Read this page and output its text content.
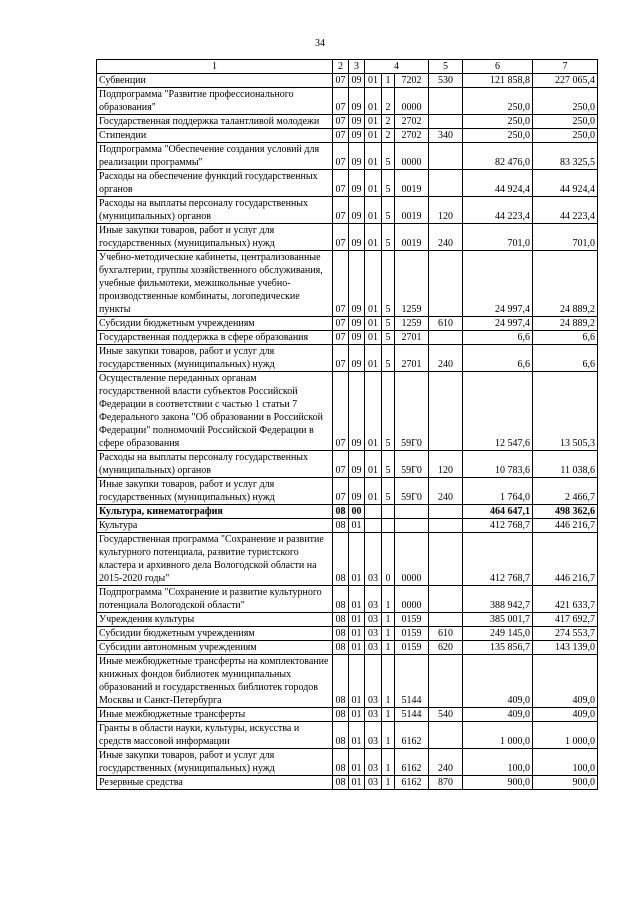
34
1	2	3	4			5	6	7
Субвенции	07	09	01	1	7202	530	121 858,8	227 065,4
Подпрограмма "Развитие профессионального образования"	07	09	01	2	0000		250,0	250,0
Государственная поддержка талантливой молодежи	07	09	01	2	2702		250,0	250,0
Стипендии	07	09	01	2	2702	340	250,0	250,0
Подпрограмма "Обеспечение создания условий для реализации программы"	07	09	01	5	0000		82 476,0	83 325,5
Расходы на обеспечение функций государственных органов	07	09	01	5	0019		44 924,4	44 924,4
Расходы на выплаты персоналу государственных (муниципальных) органов	07	09	01	5	0019	120	44 223,4	44 223,4
Иные закупки товаров, работ и услуг для государственных (муниципальных) нужд	07	09	01	5	0019	240	701,0	701,0
Учебно-методические кабинеты, централизованные бухгалтерии, группы хозяйственного обслуживания, учебные фильмотеки, межшкольные учебно-производственные комбинаты, логопедические пункты	07	09	01	5	1259		24 997,4	24 889,2
Субсидии бюджетным учреждениям	07	09	01	5	1259	610	24 997,4	24 889,2
Государственная поддержка в сфере образования	07	09	01	5	2701		6,6	6,6
Иные закупки товаров, работ и услуг для государственных (муниципальных) нужд	07	09	01	5	2701	240	6,6	6,6
Осуществление переданных органам государственной власти субъектов Российской Федерации в соответствии с частью 1 статьи 7 Федерального закона "Об образовании в Российской Федерации" полномочий Российской Федерации в сфере образования	07	09	01	5	59Г0		12 547,6	13 505,3
Расходы на выплаты персоналу государственных (муниципальных) органов	07	09	01	5	59Г0	120	10 783,6	11 038,6
Иные закупки товаров, работ и услуг для государственных (муниципальных) нужд	07	09	01	5	59Г0	240	1 764,0	2 466,7
Культура, кинематография	08	00					464 647,1	498 362,6
Культура	08	01					412 768,7	446 216,7
Государственная программа "Сохранение и развитие культурного потенциала, развитие туристского кластера и архивного дела Вологодской области на 2015-2020 годы"	08	01	03	0	0000		412 768,7	446 216,7
Подпрограмма "Сохранение и развитие культурного потенциала Вологодской области"	08	01	03	1	0000		388 942,7	421 633,7
Учреждения культуры	08	01	03	1	0159		385 001,7	417 692,7
Субсидии бюджетным учреждениям	08	01	03	1	0159	610	249 145,0	274 553,7
Субсидии автономным учреждениям	08	01	03	1	0159	620	135 856,7	143 139,0
Иные межбюджетные трансферты на комплектование книжных фондов библиотек муниципальных образований и государственных библиотек городов Москвы и Санкт-Петербурга	08	01	03	1	5144		409,0	409,0
Иные межбюджетные трансферты	08	01	03	1	5144	540	409,0	409,0
Гранты в области науки, культуры, искусства и средств массовой информации	08	01	03	1	6162		1 000,0	1 000,0
Иные закупки товаров, работ и услуг для государственных (муниципальных) нужд	08	01	03	1	6162	240	100,0	100,0
Резервные средства	08	01	03	1	6162	870	900,0	900,0
